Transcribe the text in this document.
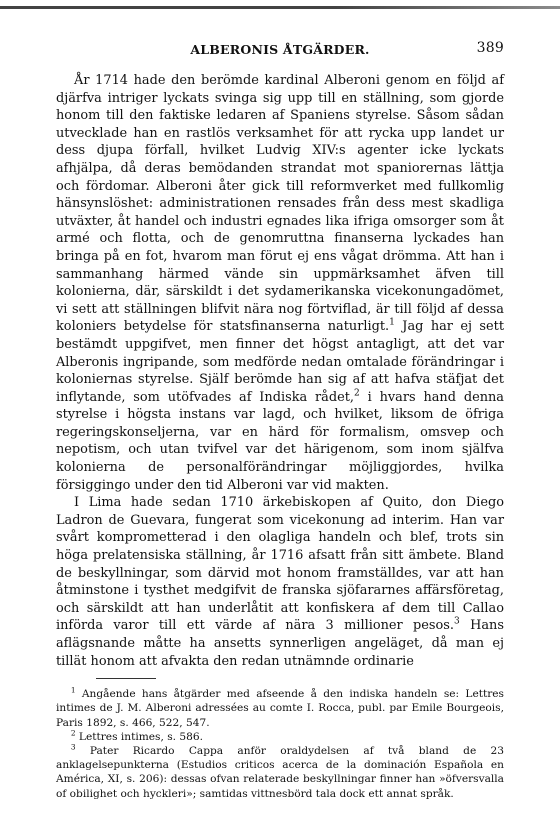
ALBERONIS ÅTGÄRDER.	389

År 1714 hade den berömde kardinal Alberoni genom en följd af djärfva intriger lyckats svinga sig upp till en ställning, som gjorde honom till den faktiske ledaren af Spaniens styrelse. Såsom sådan utvecklade han en rastlös verksamhet för att rycka upp landet ur dess djupa förfall, hvilket Ludvig XIV:s agenter icke lyckats afhjälpa, då deras bemödanden strandat mot spaniorernas lättja och fördomar. Alberoni åter gick till reformverket med fullkomlig hänsynslöshet: administrationen rensades från dess mest skadliga utväxter, åt handel och industri egnades lika ifriga omsorger som åt armé och flotta, och de genomruttna finanserna lyckades han bringa på en fot, hvarom man förut ej ens vågat drömma. Att han i sammanhang härmed vände sin uppmärksamhet äfven till kolonierna, där, särskildt i det sydamerikanska vicekonungadömet, vi sett att ställningen blifvit nära nog förtviflad, är till följd af dessa koloniers betydelse för statsfinanserna naturligt.$^1$ Jag har ej sett bestämdt uppgifvet, men finner det högst antagligt, att det var Alberonis ingripande, som medförde nedan omtalade förändringar i koloniernas styrelse. Själf berömde han sig af att hafva stäfjat det inflytande, som utöfvades af Indiska rådet,$^2$ i hvars hand denna styrelse i högsta instans var lagd, och hvilket, liksom de öfriga regeringskonseljerna, var en härd för formalism, omsvep och nepotism, och utan tvifvel var det härigenom, som inom själfva kolonierna de personalförändringar möjliggjordes, hvilka försiggingo under den tid Alberoni var vid makten.

I Lima hade sedan 1710 ärkebiskopen af Quito, don Diego Ladron de Guevara, fungerat som vicekonung ad interim. Han var svårt komprometterad i den olagliga handeln och blef, trots sin höga prelatensiska ställning, år 1716 afsatt från sitt ämbete. Bland de beskyllningar, som därvid mot honom framställdes, var att han åtminstone i tysthet medgifvit de franska sjöfararnes affärsföretag, och särskildt att han underlåtit att konfiskera af dem till Callao införda varor till ett värde af nära 3 millioner pesos.$^3$ Hans aflägsnande måtte ha ansetts synnerligen angeläget, då man ej tillät honom att afvakta den redan utnämnde ordinarie

$^1$ Angående hans åtgärder med afseende å den indiska handeln se: Lettres intimes de J. M. Alberoni adressées au comte I. Rocca, publ. par Emile Bourgeois, Paris 1892, s. 466, 522, 547.

$^2$ Lettres intimes, s. 586.

$^3$ Pater Ricardo Cappa anför oraldydelsen af två bland de 23 anklagelsepunkterna (Estudios criticos acerca de la dominación Española en América, XI, s. 206): dessas ofvan relaterade beskyllningar finner han »öfversvalla of obilighet och hyckleri»; samtidas vittnesbörd tala dock ett annat språk.
